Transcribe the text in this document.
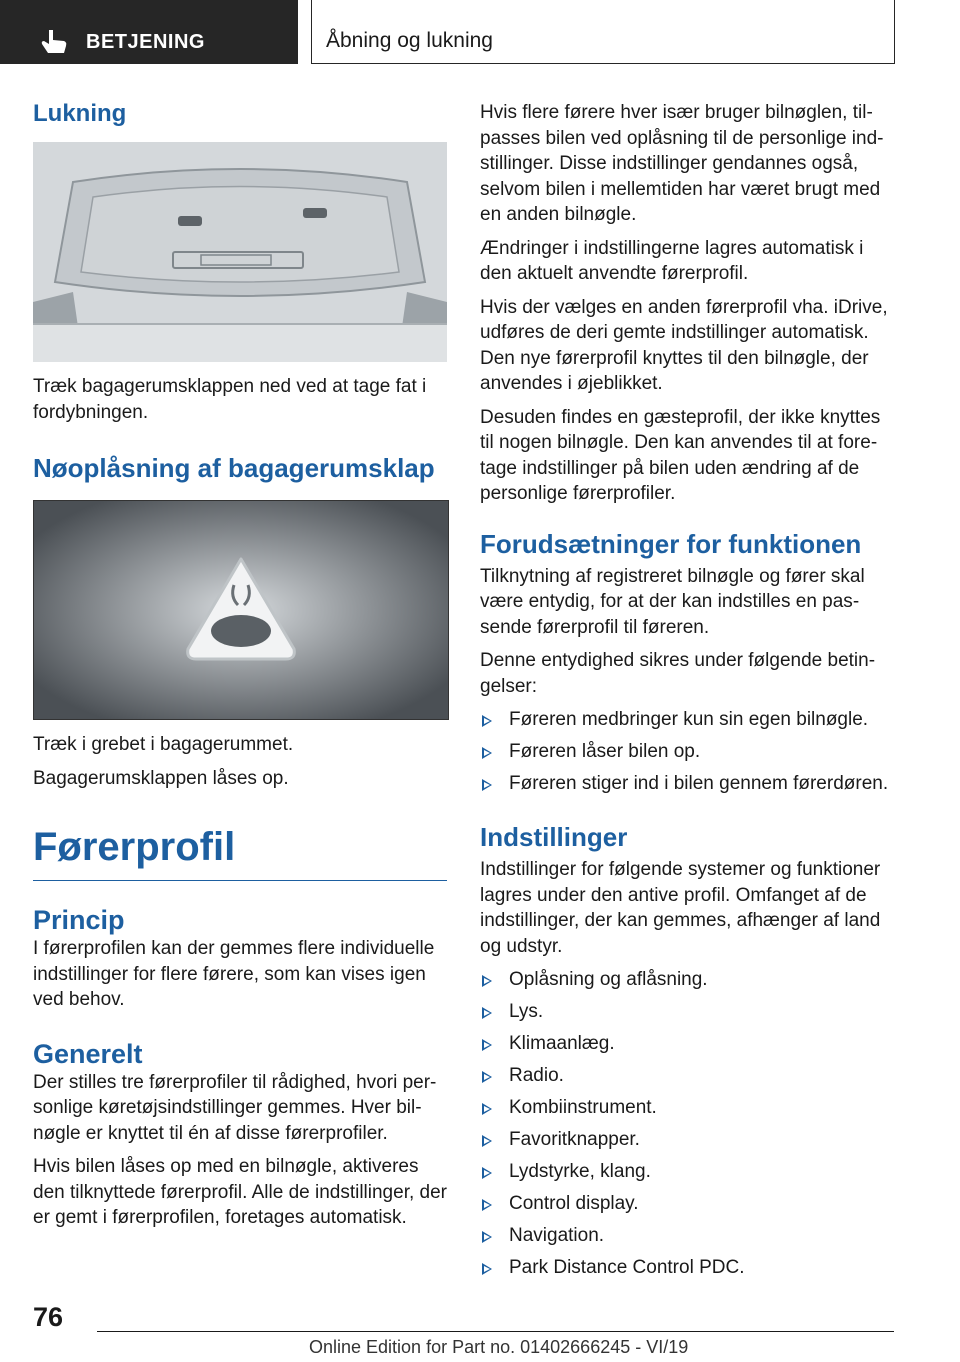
BETJENING	Åbning og lukning
Lukning

Træk bagagerumsklappen ned ved at tage fat i fordybningen.

Nøoplåsning af bagagerumsklap

Træk i grebet i bagagerummet.

Bagagerumsklappen låses op.

Førerprofil
Princip

I førerprofilen kan der gemmes flere individuelle indstillinger for flere førere, som kan vises igen ved behov.

Generelt

Der stilles tre førerprofiler til rådighed, hvori personlige køretøjsindstillinger gemmes. Hver bilnøgle er knyttet til én af disse førerprofiler.

Hvis bilen låses op med en bilnøgle, aktiveres den tilknyttede førerprofil. Alle de indstillinger, der er gemt i førerprofilen, foretages automatisk.

Hvis flere førere hver især bruger bilnøglen, tilpasses bilen ved oplåsning til de personlige indstillinger. Disse indstillinger gendannes også, selvom bilen i mellemtiden har været brugt med en anden bilnøgle.

Ændringer i indstillingerne lagres automatisk i den aktuelt anvendte førerprofil.

Hvis der vælges en anden førerprofil vha. iDrive, udføres de deri gemte indstillinger automatisk. Den nye førerprofil knyttes til den bilnøgle, der anvendes i øjeblikket.

Desuden findes en gæsteprofil, der ikke knyttes til nogen bilnøgle. Den kan anvendes til at foretage indstillinger på bilen uden ændring af de personlige førerprofiler.

Forudsætninger for funktionen

Tilknytning af registreret bilnøgle og fører skal være entydig, for at der kan indstilles en passende førerprofil til føreren.

Denne entydighed sikres under følgende betingelser:

Føreren medbringer kun sin egen bilnøgle.
Føreren låser bilen op.
Føreren stiger ind i bilen gennem førerdøren.
Indstillinger

Indstillinger for følgende systemer og funktioner lagres under den antive profil. Omfanget af de indstillinger, der kan gemmes, afhænger af land og udstyr.

Oplåsning og aflåsning.
Lys.
Klimaanlæg.
Radio.
Kombiinstrument.
Favoritknapper.
Lydstyrke, klang.
Control display.
Navigation.
Park Distance Control PDC.
76
Online Edition for Part no. 01402666245 - VI/19
